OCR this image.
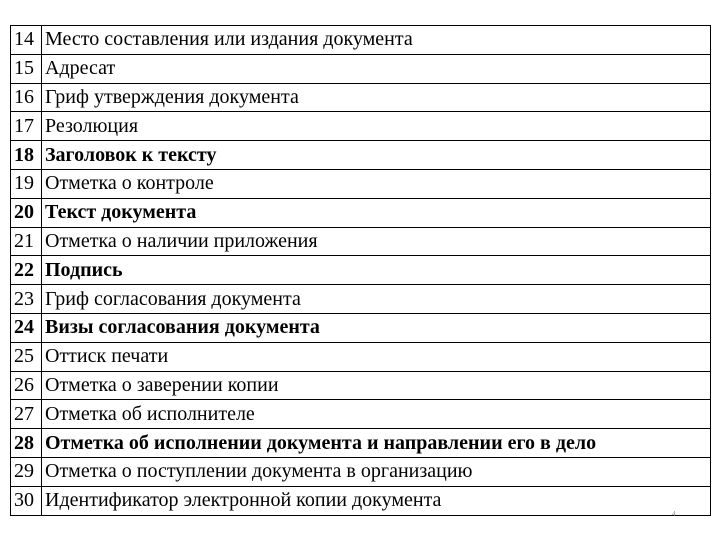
14	Место составления или издания документа
15	Адресат
16	Гриф утверждения документа
17	Резолюция
18	Заголовок к тексту
19	Отметка о контроле
20	Текст документа
21	Отметка о наличии приложения
22	Подпись
23	Гриф согласования документа
24	Визы согласования документа
25	Оттиск печати
26	Отметка о заверении копии
27	Отметка об исполнителе
28	Отметка об исполнении документа и направлении его в дело
29	Отметка о поступлении документа в организацию
30	Идентификатор электронной копии документа
4
